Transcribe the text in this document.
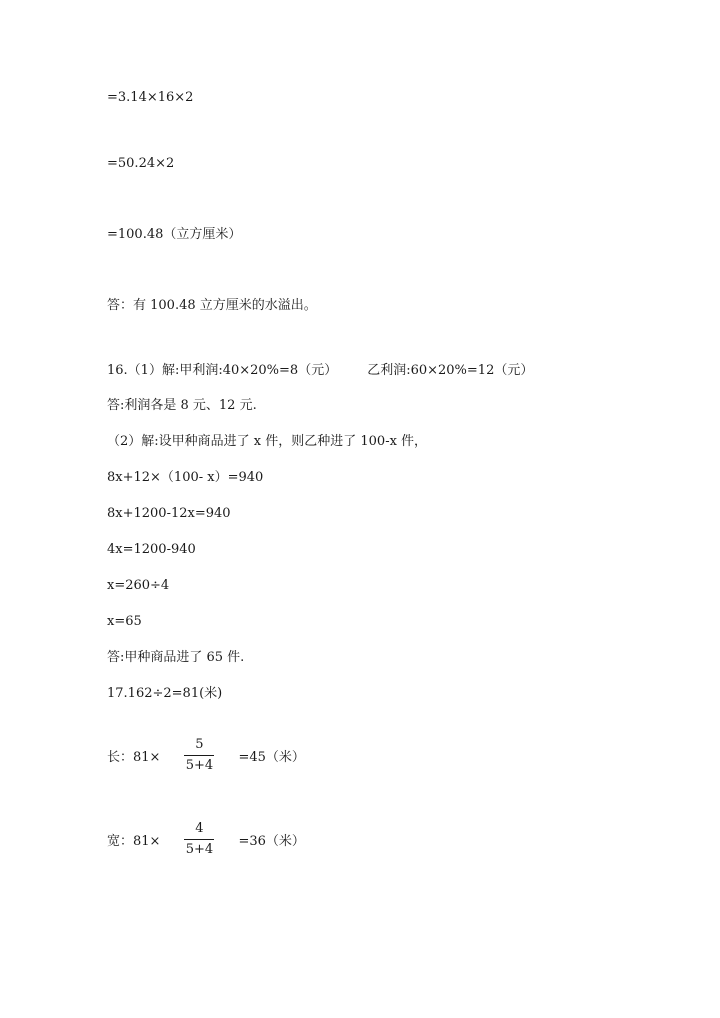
=3.14×16×2
=50.24×2
=100.48（立方厘米）
答：有 100.48 立方厘米的水溢出。
16.（1）解:甲利润:40×20%=8（元） 乙利润:60×20%=12（元）
答:利润各是 8 元、12 元.
（2）解:设甲种商品进了 x 件，则乙种进了 100-x 件，
8x+12×（100- x）=940
8x+1200-12x=940
4x=1200-940
x=260÷4
x=65
答:甲种商品进了 65 件.
17.162÷2=81(米)
长：$81\times \frac{5}{5+4} =45$（米）
宽：$81\times \frac{4}{5+4} =36$（米）
